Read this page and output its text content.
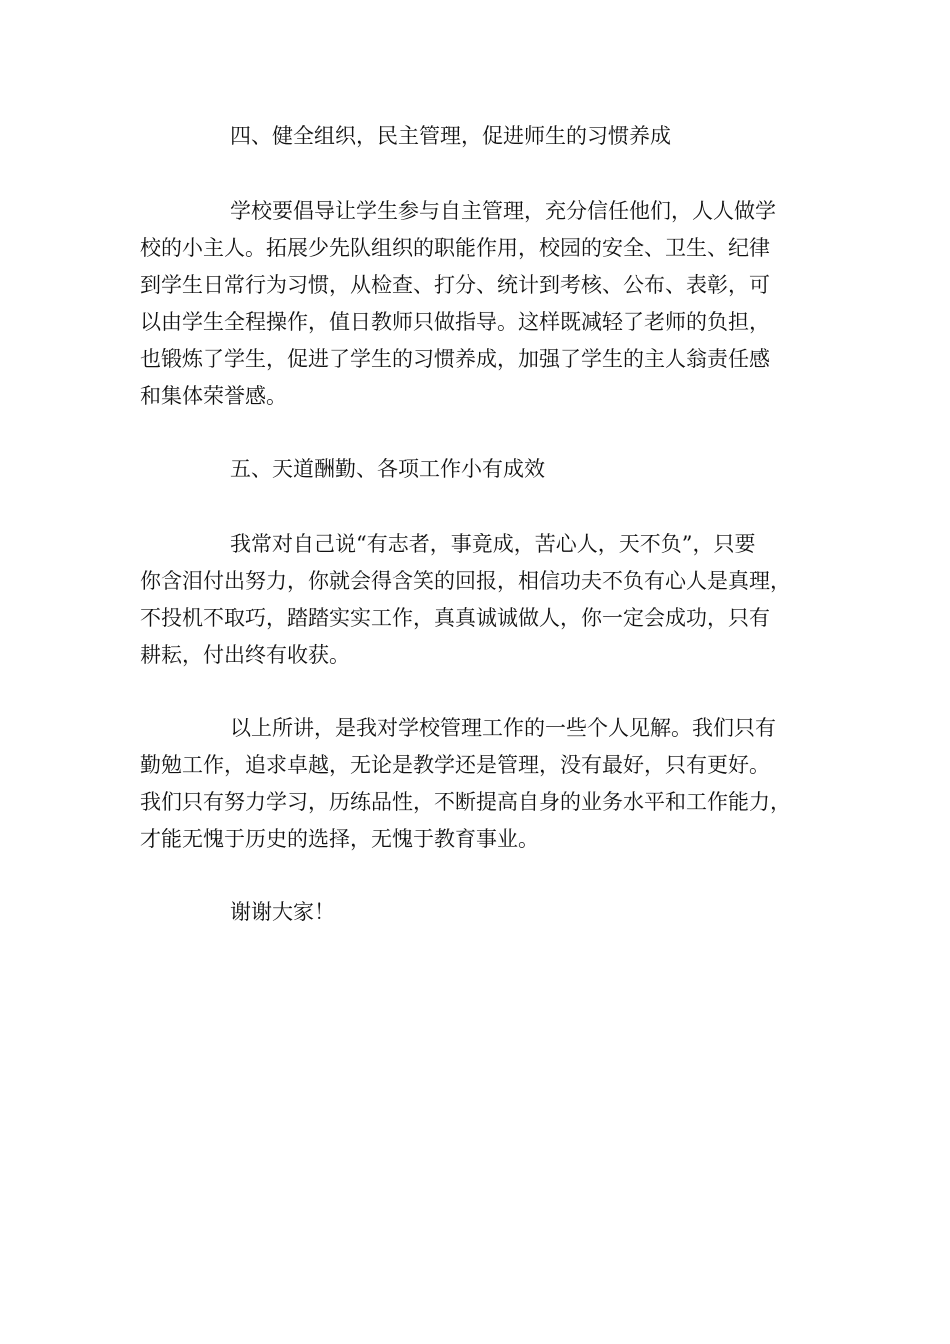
四、健全组织，民主管理，促进师生的习惯养成

学校要倡导让学生参与自主管理，充分信任他们，人人做学
校的小主人。拓展少先队组织的职能作用，校园的安全、卫生、纪律
到学生日常行为习惯，从检查、打分、统计到考核、公布、表彰，可
以由学生全程操作，值日教师只做指导。这样既减轻了老师的负担，
也锻炼了学生，促进了学生的习惯养成，加强了学生的主人翁责任感
和集体荣誉感。

五、天道酬勤、各项工作小有成效

我常对自己说“有志者，事竟成，苦心人，天不负”，只要
你含泪付出努力，你就会得含笑的回报，相信功夫不负有心人是真理，
不投机不取巧，踏踏实实工作，真真诚诚做人，你一定会成功，只有
耕耘，付出终有收获。

以上所讲，是我对学校管理工作的一些个人见解。我们只有
勤勉工作，追求卓越，无论是教学还是管理，没有最好，只有更好。
我们只有努力学习，历练品性，不断提高自身的业务水平和工作能力，
才能无愧于历史的选择，无愧于教育事业。

谢谢大家！
